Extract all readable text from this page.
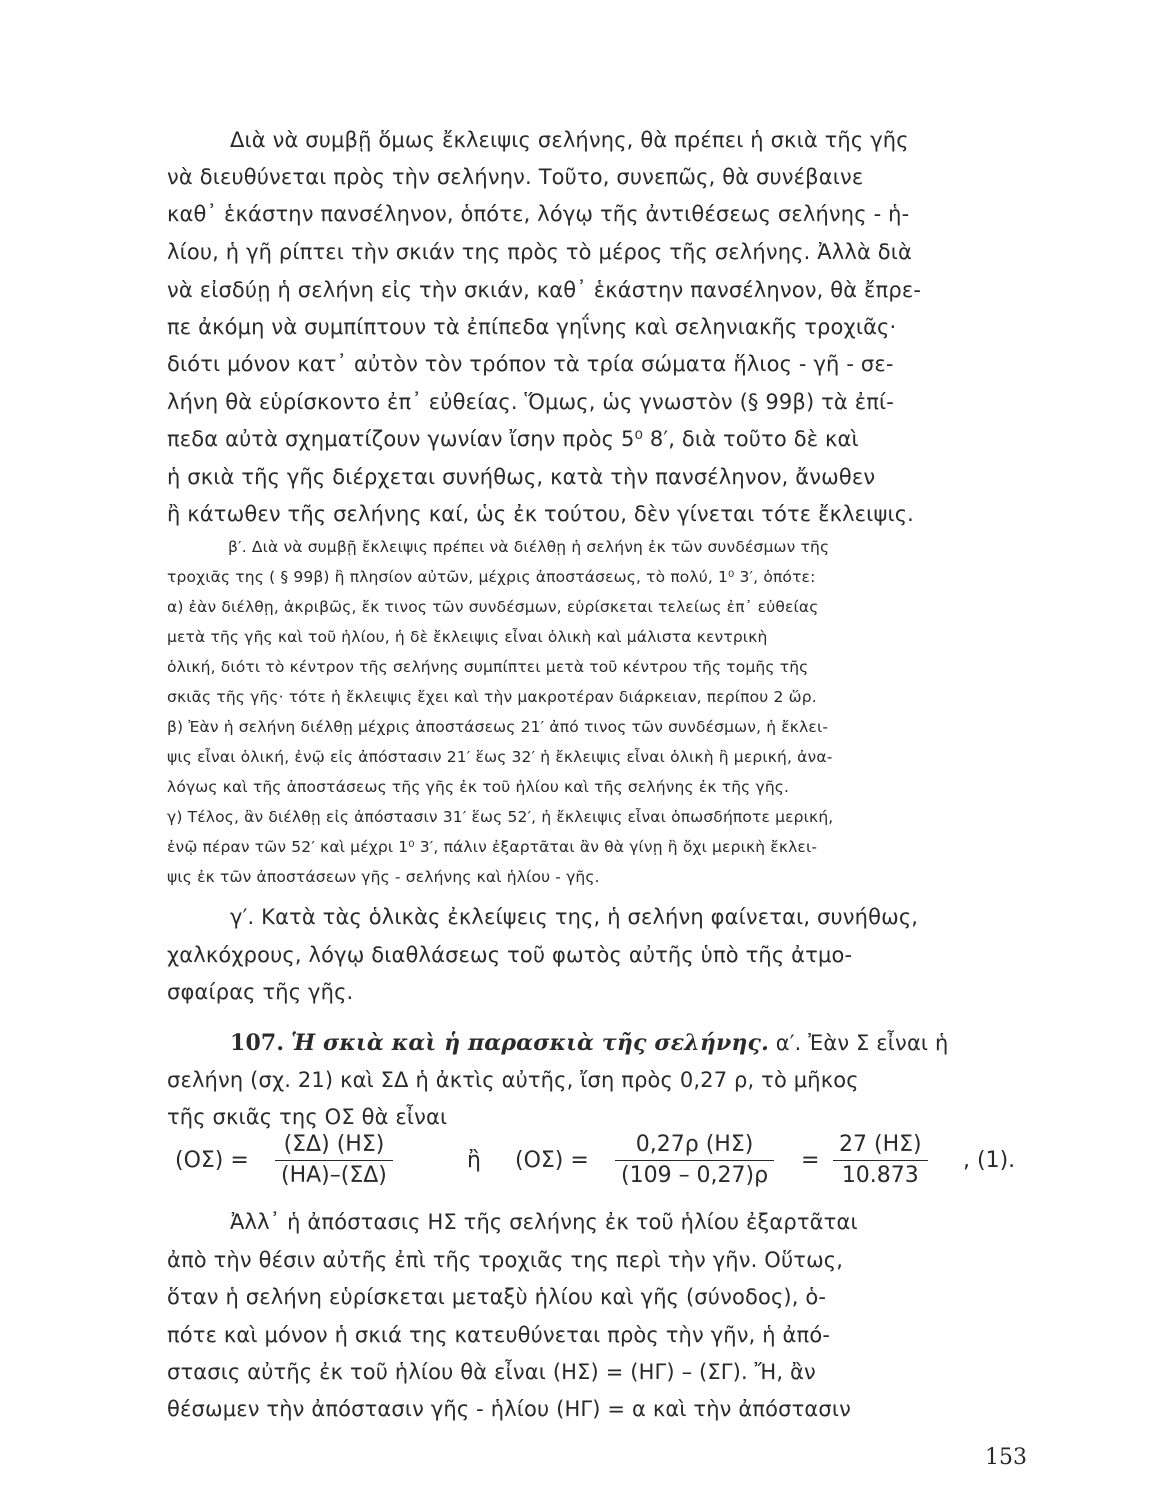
Διὰ νὰ συμβῇ ὅμως ἔκλειψις σελήνης, θὰ πρέπει ἡ σκιὰ τῆς γῆς
νὰ διευθύνεται πρὸς τὴν σελήνην. Τοῦτο, συνεπῶς, θὰ συνέβαινε
καθ᾽ ἑκάστην πανσέληνον, ὁπότε, λόγῳ τῆς ἀντιθέσεως σελήνης - ἡ-
λίου, ἡ γῆ ρίπτει τὴν σκιάν της πρὸς τὸ μέρος τῆς σελήνης. Ἀλλὰ διὰ
νὰ εἰσδύῃ ἡ σελήνη εἰς τὴν σκιάν, καθ᾽ ἑκάστην πανσέληνον, θὰ ἔπρε-
πε ἀκόμη νὰ συμπίπτουν τὰ ἐπίπεδα γηΐνης καὶ σεληνιακῆς τροχιᾶς·
διότι μόνον κατ᾽ αὐτὸν τὸν τρόπον τὰ τρία σώματα ἥλιος - γῆ - σε-
λήνη θὰ εὑρίσκοντο ἐπ᾽ εὐθείας. Ὅμως, ὡς γνωστὸν (§ 99β) τὰ ἐπί-
πεδα αὐτὰ σχηματίζουν γωνίαν ἴσην πρὸς 5⁰ 8′, διὰ τοῦτο δὲ καὶ
ἡ σκιὰ τῆς γῆς διέρχεται συνήθως, κατὰ τὴν πανσέληνον, ἄνωθεν
ἢ κάτωθεν τῆς σελήνης καί, ὡς ἐκ τούτου, δὲν γίνεται τότε ἔκλειψις.
β′. Διὰ νὰ συμβῇ ἔκλειψις πρέπει νὰ διέλθῃ ἡ σελήνη ἐκ τῶν συνδέσμων τῆς
τροχιᾶς της ( § 99β) ἢ πλησίον αὐτῶν, μέχρις ἀποστάσεως, τὸ πολύ, 1⁰ 3′, ὁπότε:
α) ἐὰν διέλθῃ, ἀκριβῶς, ἔκ τινος τῶν συνδέσμων, εὑρίσκεται τελείως ἐπ᾽ εὐθείας
μετὰ τῆς γῆς καὶ τοῦ ἡλίου, ἡ δὲ ἔκλειψις εἶναι ὁλικὴ καὶ μάλιστα κεντρικὴ
ὁλική, διότι τὸ κέντρον τῆς σελήνης συμπίπτει μετὰ τοῦ κέντρου τῆς τομῆς τῆς
σκιᾶς τῆς γῆς· τότε ἡ ἔκλειψις ἔχει καὶ τὴν μακροτέραν διάρκειαν, περίπου 2 ὥρ.
β) Ἐὰν ἡ σελήνη διέλθῃ μέχρις ἀποστάσεως 21′ ἀπό τινος τῶν συνδέσμων, ἡ ἔκλει-
ψις εἶναι ὁλική, ἐνῷ εἰς ἀπόστασιν 21′ ἕως 32′ ἡ ἔκλειψις εἶναι ὁλικὴ ἢ μερική, ἀνα-
λόγως καὶ τῆς ἀποστάσεως τῆς γῆς ἐκ τοῦ ἡλίου καὶ τῆς σελήνης ἐκ τῆς γῆς.
γ) Τέλος, ἂν διέλθῃ εἰς ἀπόστασιν 31′ ἕως 52′, ἡ ἔκλειψις εἶναι ὁπωσδήποτε μερική,
ἐνῷ πέραν τῶν 52′ καὶ μέχρι 1⁰ 3′, πάλιν ἐξαρτᾶται ἂν θὰ γίνῃ ἢ ὄχι μερικὴ ἔκλει-
ψις ἐκ τῶν ἀποστάσεων γῆς - σελήνης καὶ ἡλίου - γῆς.
γ′. Κατὰ τὰς ὁλικὰς ἐκλείψεις της, ἡ σελήνη φαίνεται, συνήθως,
χαλκόχρους, λόγῳ διαθλάσεως τοῦ φωτὸς αὐτῆς ὑπὸ τῆς ἀτμο-
σφαίρας τῆς γῆς.
107. Ἡ σκιὰ καὶ ἡ παρασκιὰ τῆς σελήνης. α′. Ἐὰν Σ εἶναι ἡ
σελήνη (σχ. 21) καὶ ΣΔ ἡ ἀκτὶς αὐτῆς, ἴση πρὸς 0,27 ρ, τὸ μῆκος
τῆς σκιᾶς της ΟΣ θὰ εἶναι
$(O\Sigma) = \frac{(\Sigma\Delta) (H\Sigma)}{(HA)-(\Sigma\Delta)}$	ἢ $(O\Sigma) = \frac{0,27\rho (H\Sigma)}{(109 - 0,27)\rho} = \frac{27 (H\Sigma)}{10.873}$ , (1).
Ἀλλ᾽ ἡ ἀπόστασις ΗΣ τῆς σελήνης ἐκ τοῦ ἡλίου ἐξαρτᾶται
ἀπὸ τὴν θέσιν αὐτῆς ἐπὶ τῆς τροχιᾶς της περὶ τὴν γῆν. Οὕτως,
ὅταν ἡ σελήνη εὑρίσκεται μεταξὺ ἡλίου καὶ γῆς (σύνοδος), ὁ-
πότε καὶ μόνον ἡ σκιά της κατευθύνεται πρὸς τὴν γῆν, ἡ ἀπό-
στασις αὐτῆς ἐκ τοῦ ἡλίου θὰ εἶναι (ΗΣ) = (ΗΓ) – (ΣΓ). Ἤ, ἂν
θέσωμεν τὴν ἀπόστασιν γῆς - ἡλίου (ΗΓ) = α καὶ τὴν ἀπόστασιν
153
